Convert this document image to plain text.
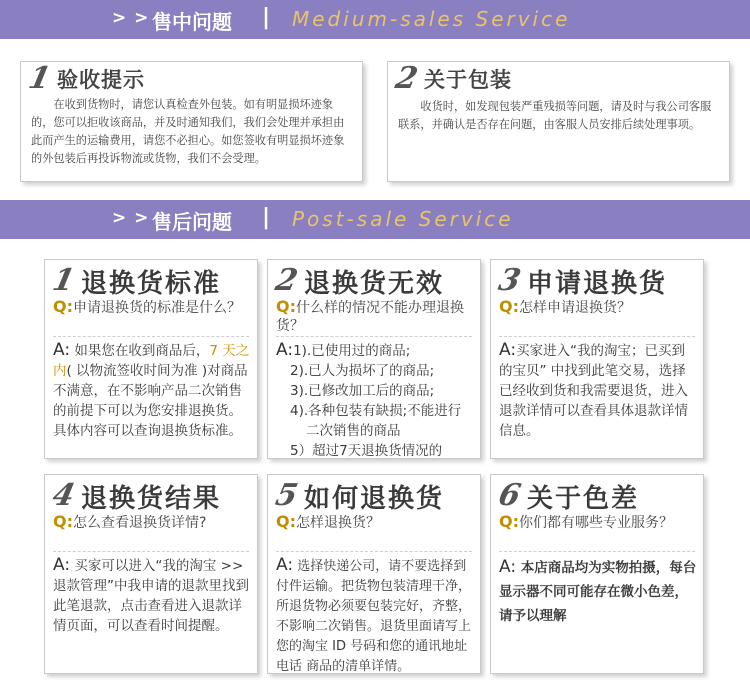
> > 售中问题 | Medium-sales Service
1 验收提示
在收到货物时，请您认真检查外包装。如有明显损坏迹象的，您可以拒收该商品，并及时通知我们，我们会处理并承担由此而产生的运输费用，请您不必担心。如您签收有明显损坏迹象的外包装后再投诉物流或货物，我们不会受理。
2 关于包装
收货时，如发现包装严重残损等问题，请及时与我公司客服联系，并确认是否存在问题，由客服人员安排后续处理事项。
> > 售后问题 | Post-sale Service
1 退换货标准
Q:申请退换货的标准是什么？
A: 如果您在收到商品后，7 天之内( 以物流签收时间为准 )对商品不满意，在不影响产品二次销售的前提下可以为您安排退换货。具体内容可以查询退换货标准。
2 退换货无效
Q:什么样的情况不能办理退换货？
A:1).已使用过的商品;
2).已人为损坏了的商品;
3).已修改加工后的商品;
4).各种包装有缺损;不能进行
二次销售的商品
5）超过7天退换货情况的
3 申请退换货
Q:怎样申请退换货？
A:买家进入“我的淘宝；已买到的宝贝” 中找到此笔交易，选择已经收到货和我需要退货，进入退款详情可以查看具体退款详情信息。
4 退换货结果
Q:怎么查看退换货详情?
A: 买家可以进入“我的淘宝 >> 退款管理”中我申请的退款里找到此笔退款，点击查看进入退款详情页面，可以查看时间提醒。
5 如何退换货
Q:怎样退换货？
A: 选择快递公司，请不要选择到付件运输。把货物包装清理干净，所退货物必须要包装完好，齐整，不影响二次销售。退货里面请写上您的淘宝 ID 号码和您的通讯地址电话 商品的清单详情。
6 关于色差
Q:你们都有哪些专业服务？
A: 本店商品均为实物拍摄，每台显示器不同可能存在微小色差，请予以理解
